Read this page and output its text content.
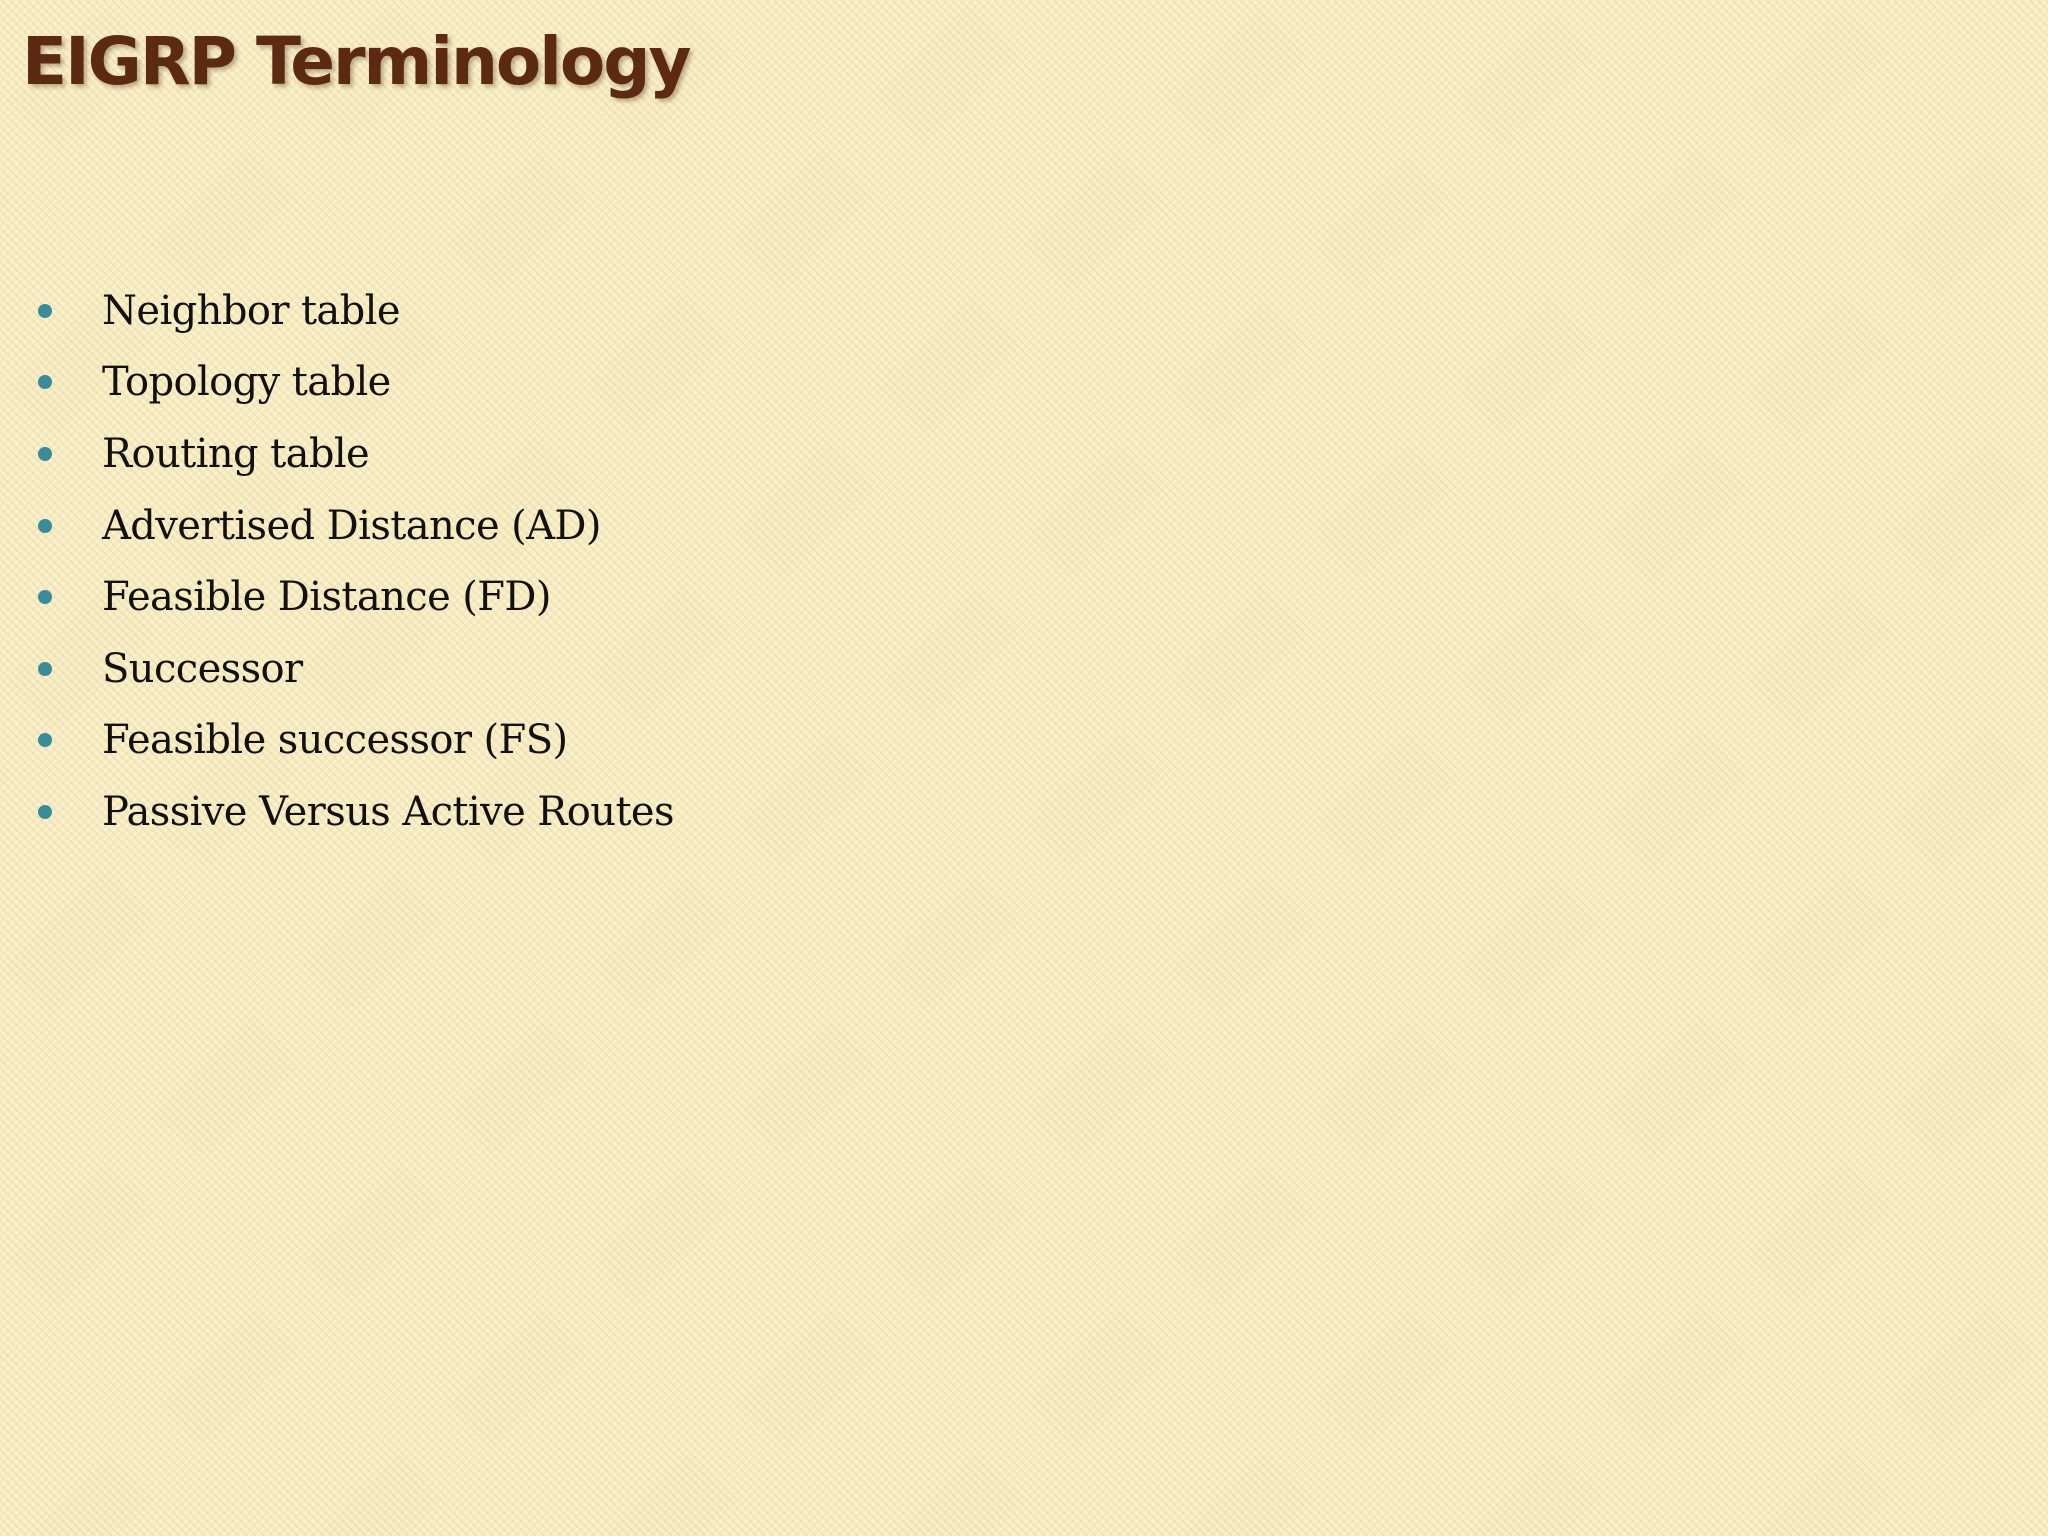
EIGRP Terminology
Neighbor table
Topology table
Routing table
Advertised Distance (AD)
Feasible Distance (FD)
Successor
Feasible successor (FS)
Passive Versus Active Routes
